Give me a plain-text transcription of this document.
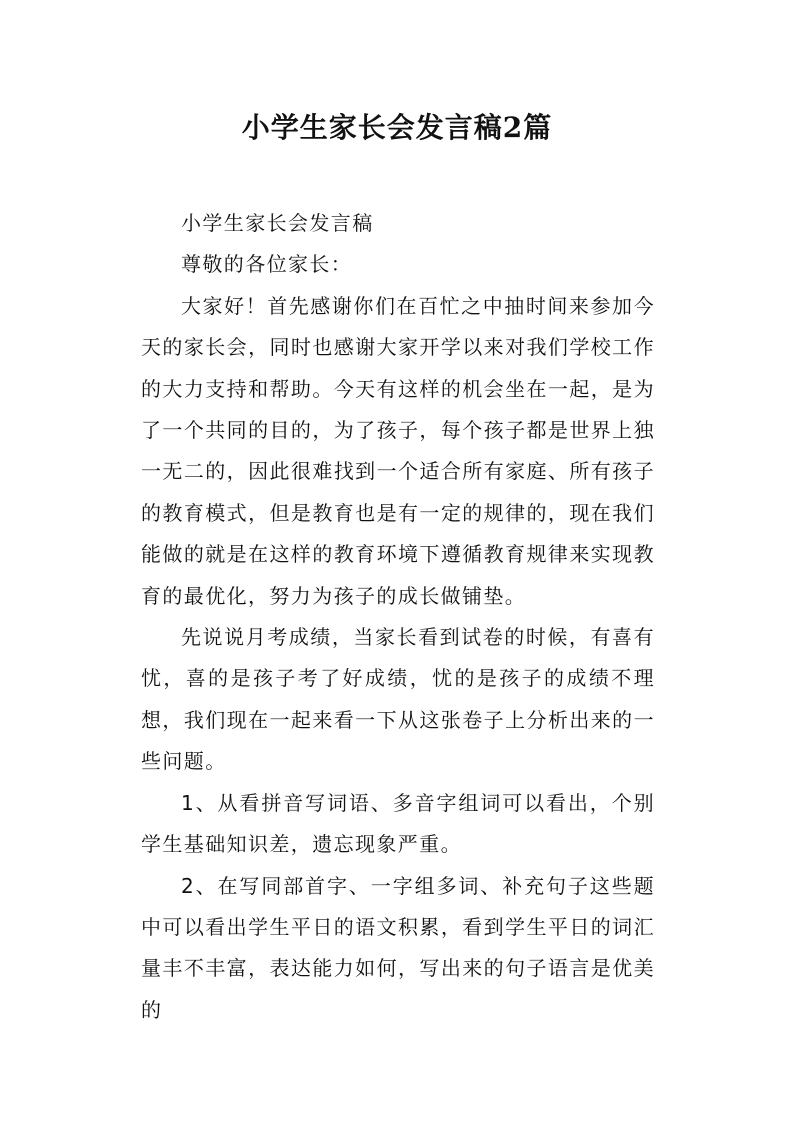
小学生家长会发言稿2篇

小学生家长会发言稿

尊敬的各位家长：

大家好！首先感谢你们在百忙之中抽时间来参加今天的家长会，同时也感谢大家开学以来对我们学校工作的大力支持和帮助。今天有这样的机会坐在一起，是为了一个共同的目的，为了孩子，每个孩子都是世界上独一无二的，因此很难找到一个适合所有家庭、所有孩子的教育模式，但是教育也是有一定的规律的，现在我们能做的就是在这样的教育环境下遵循教育规律来实现教育的最优化，努力为孩子的成长做铺垫。

先说说月考成绩，当家长看到试卷的时候，有喜有忧，喜的是孩子考了好成绩，忧的是孩子的成绩不理想，我们现在一起来看一下从这张卷子上分析出来的一些问题。

1、从看拼音写词语、多音字组词可以看出，个别学生基础知识差，遗忘现象严重。

2、在写同部首字、一字组多词、补充句子这些题中可以看出学生平日的语文积累，看到学生平日的词汇量丰不丰富，表达能力如何，写出来的句子语言是优美的
